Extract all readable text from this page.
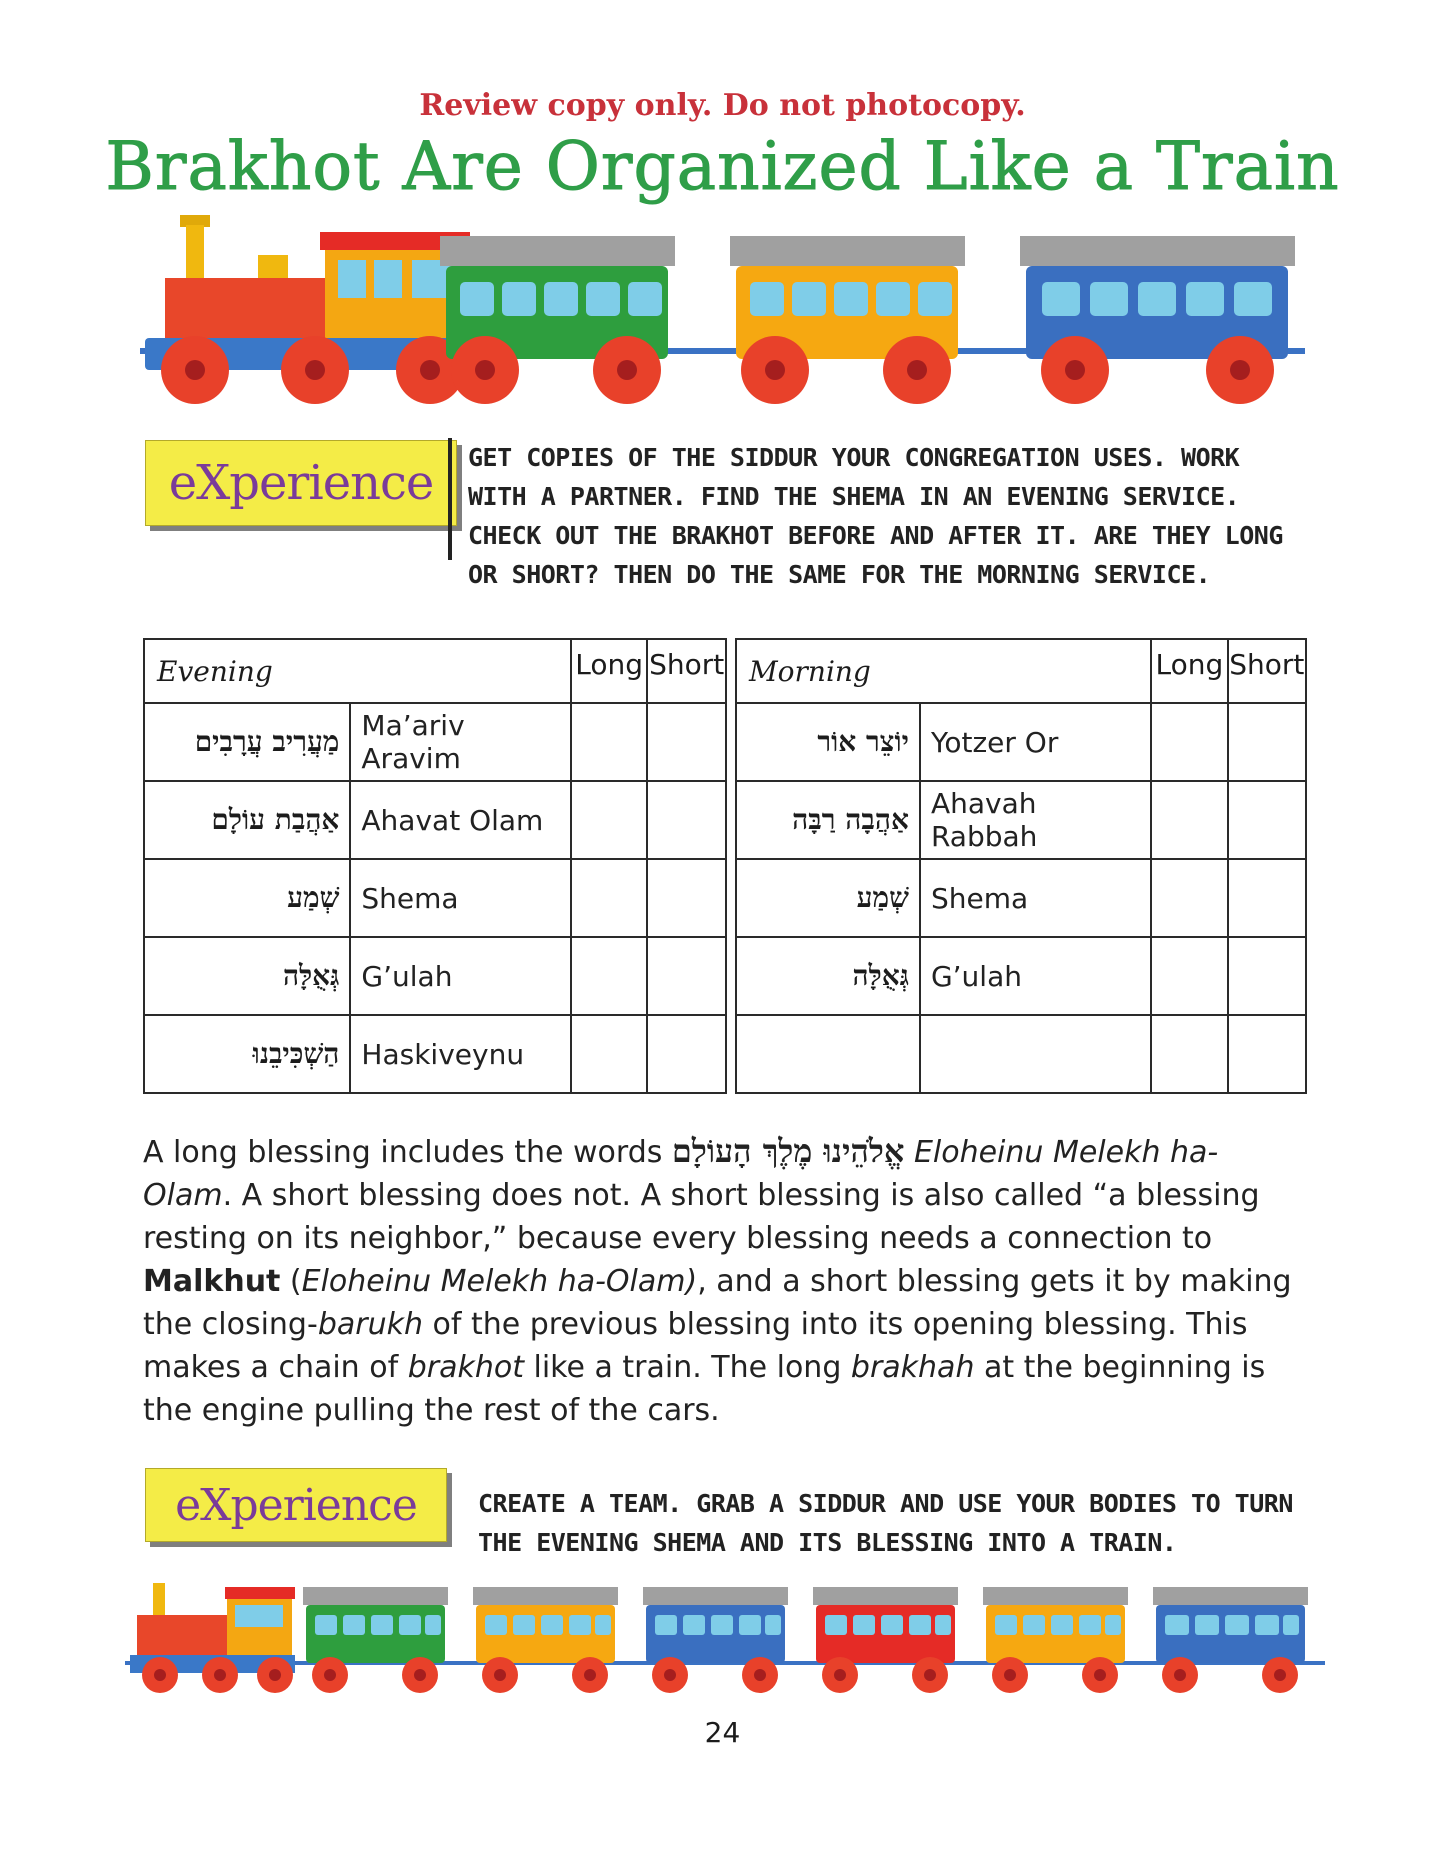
Review copy only. Do not photocopy.
Brakhot Are Organized Like a Train
eXperience	GET COPIES OF THE SIDDUR YOUR CONGREGATION USES. WORK WITH A PARTNER. FIND THE SHEMA IN AN EVENING SERVICE. CHECK OUT THE BRAKHOT BEFORE AND AFTER IT. ARE THEY LONG OR SHORT? THEN DO THE SAME FOR THE MORNING SERVICE.
Evening		Long	Short
מַעֲרִיב עֲרָבִים	Ma’ariv Aravim		
אַהֲבַת עוֹלָם	Ahavat Olam		
שְׁמַע	Shema		
גְּאֻלָּה	G’ulah		
הַשְׁכִּיבֵנוּ	Haskiveynu		
Morning		Long	Short
יוֹצֵר אוֹר	Yotzer Or		
אַהֲבָה רַבָּה	Ahavah Rabbah		
שְׁמַע	Shema		
גְּאֻלָּה	G’ulah		

A long blessing includes the words אֱלֹהֵינוּ מֶלֶךְ הָעוֹלָם Eloheinu Melekh ha-Olam. A short blessing does not. A short blessing is also called “a blessing resting on its neighbor,” because every blessing needs a connection to Malkhut (Eloheinu Melekh ha-Olam), and a short blessing gets it by making the closing-barukh of the previous blessing into its opening blessing. This makes a chain of brakhot like a train. The long brakhah at the beginning is the engine pulling the rest of the cars.
eXperience	CREATE A TEAM. GRAB A SIDDUR AND USE YOUR BODIES TO TURN THE EVENING SHEMA AND ITS BLESSING INTO A TRAIN.
24
